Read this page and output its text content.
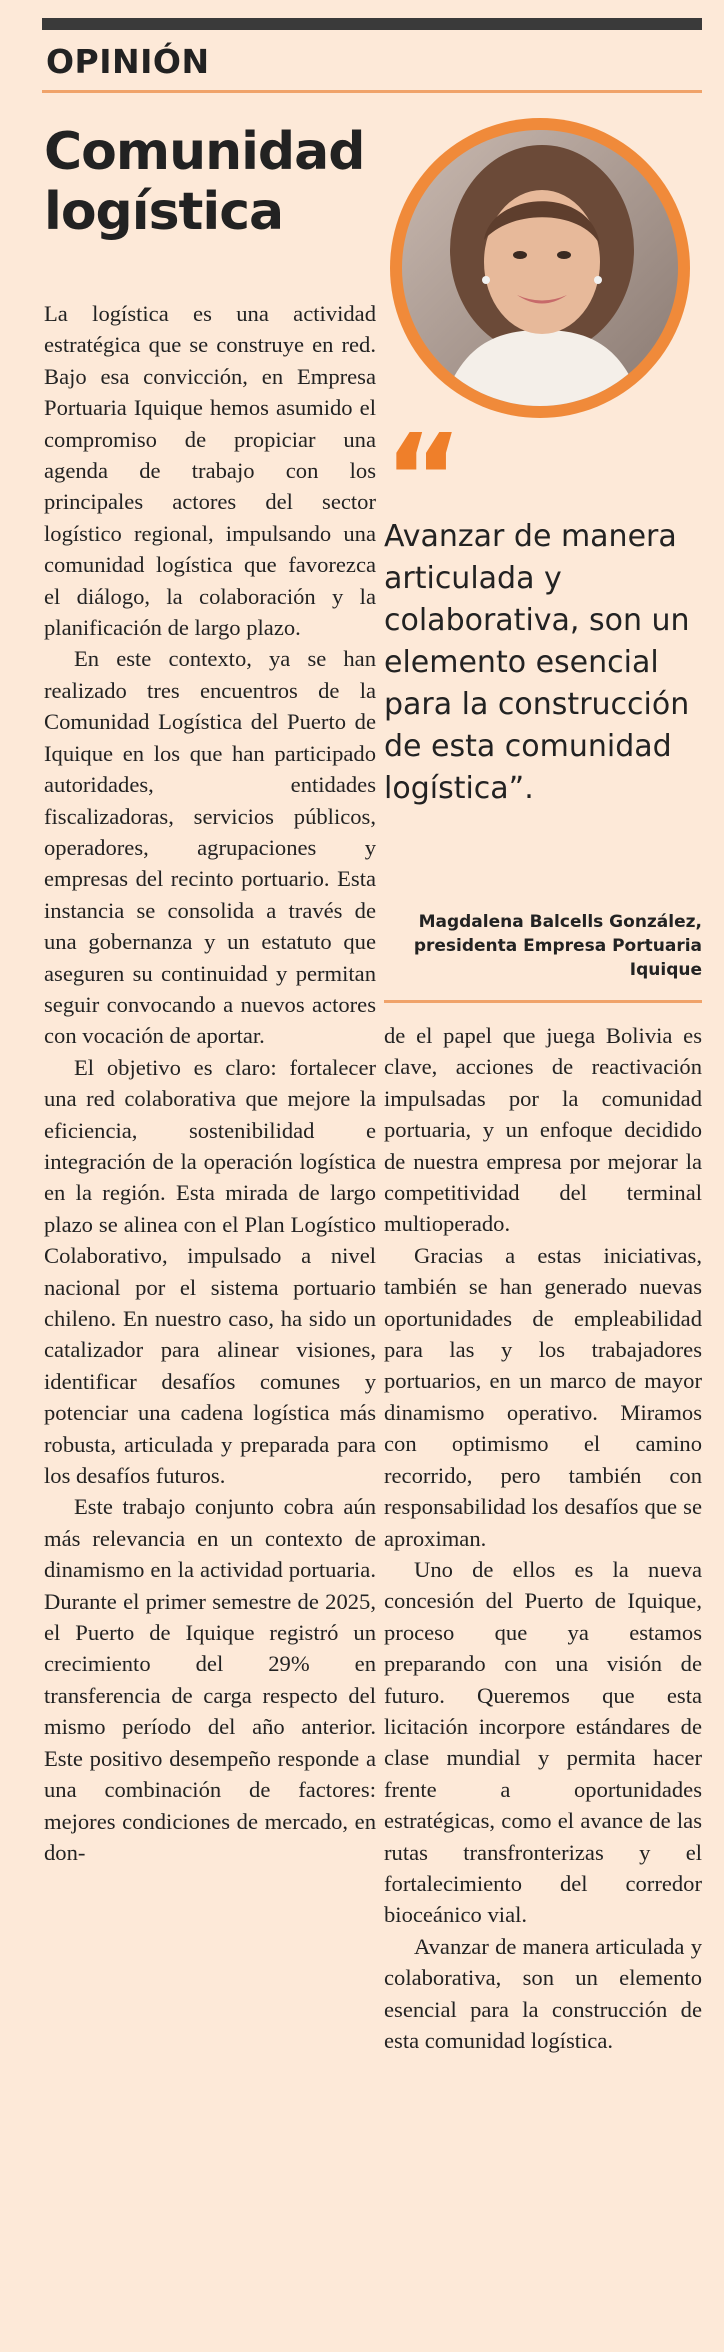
OPINIÓN
Comunidad logística

La logística es una actividad estratégica que se construye en red. Bajo esa convicción, en Empresa Portuaria Iquique hemos asumido el compromiso de propiciar una agenda de trabajo con los principales actores del sector logístico regional, impulsando una comunidad logística que favorezca el diálogo, la colaboración y la planificación de largo plazo.

En este contexto, ya se han realizado tres encuentros de la Comunidad Logística del Puerto de Iquique en los que han participado autoridades, entidades fiscalizadoras, servicios públicos, operadores, agrupaciones y empresas del recinto portuario. Esta instancia se consolida a través de una gobernanza y un estatuto que aseguren su continuidad y permitan seguir convocando a nuevos actores con vocación de aportar.

El objetivo es claro: fortalecer una red colaborativa que mejore la eficiencia, sostenibilidad e integración de la operación logística en la región. Esta mirada de largo plazo se alinea con el Plan Logístico Colaborativo, impulsado a nivel nacional por el sistema portuario chileno. En nuestro caso, ha sido un catalizador para alinear visiones, identificar desafíos comunes y potenciar una cadena logística más robusta, articulada y preparada para los desafíos futuros.

Este trabajo conjunto cobra aún más relevancia en un contexto de dinamismo en la actividad portuaria. Durante el primer semestre de 2025, el Puerto de Iquique registró un crecimiento del 29% en transferencia de carga respecto del mismo período del año anterior. Este positivo desempeño responde a una combinación de factores: mejores condiciones de mercado, en don-

“

Avanzar de manera articulada y colaborativa, son un elemento esencial para la construcción de esta comunidad logística”.

Magdalena Balcells González,
presidenta Empresa Portuaria Iquique

de el papel que juega Bolivia es clave, acciones de reactivación impulsadas por la comunidad portuaria, y un enfoque decidido de nuestra empresa por mejorar la competitividad del terminal multioperado.

Gracias a estas iniciativas, también se han generado nuevas oportunidades de empleabilidad para las y los trabajadores portuarios, en un marco de mayor dinamismo operativo. Miramos con optimismo el camino recorrido, pero también con responsabilidad los desafíos que se aproximan.

Uno de ellos es la nueva concesión del Puerto de Iquique, proceso que ya estamos preparando con una visión de futuro. Queremos que esta licitación incorpore estándares de clase mundial y permita hacer frente a oportunidades estratégicas, como el avance de las rutas transfronterizas y el fortalecimiento del corredor bioceánico vial.

Avanzar de manera articulada y colaborativa, son un elemento esencial para la construcción de esta comunidad logística.
